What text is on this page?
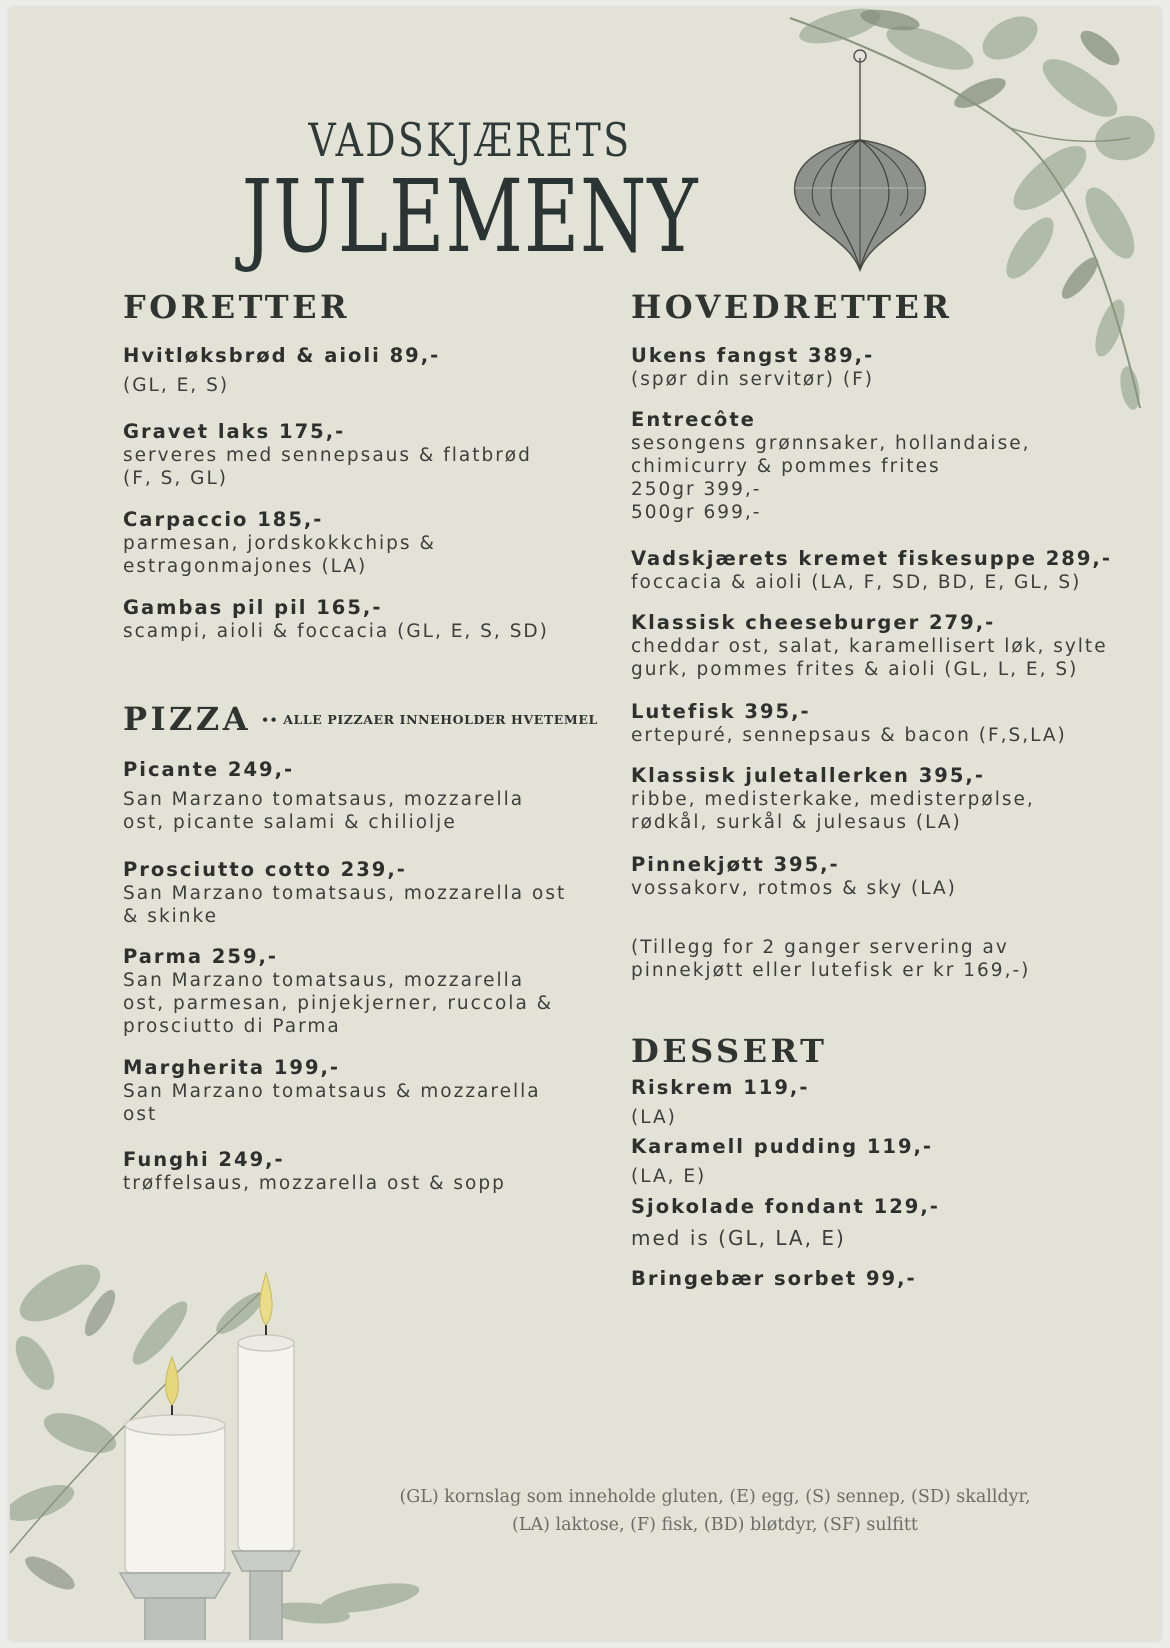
VADSKJÆRETS
JULEMENY
FORETTER
Hvitløksbrød & aioli 89,-
(GL, E, S)
Gravet laks 175,-
serveres med sennepsaus & flatbrød
(F, S, GL)
Carpaccio 185,-
parmesan, jordskokkchips &
estragonmajones (LA)
Gambas pil pil 165,-
scampi, aioli & foccacia (GL, E, S, SD)
PIZZA •• ALLE PIZZAER INNEHOLDER HVETEMEL
Picante 249,-
San Marzano tomatsaus, mozzarella
ost, picante salami & chiliolje
Prosciutto cotto 239,-
San Marzano tomatsaus, mozzarella ost
& skinke
Parma 259,-
San Marzano tomatsaus, mozzarella
ost, parmesan, pinjekjerner, ruccola &
prosciutto di Parma
Margherita 199,-
San Marzano tomatsaus & mozzarella
ost
Funghi 249,-
trøffelsaus, mozzarella ost & sopp
HOVEDRETTER
Ukens fangst 389,-
(spør din servitør) (F)
Entrecôte
sesongens grønnsaker, hollandaise,
chimicurry & pommes frites
250gr 399,-
500gr 699,-
Vadskjærets kremet fiskesuppe 289,-
foccacia & aioli (LA, F, SD, BD, E, GL, S)
Klassisk cheeseburger 279,-
cheddar ost, salat, karamellisert løk, sylte
gurk, pommes frites & aioli (GL, L, E, S)
Lutefisk 395,-
ertepuré, sennepsaus & bacon (F,S,LA)
Klassisk juletallerken 395,-
ribbe, medisterkake, medisterpølse,
rødkål, surkål & julesaus (LA)
Pinnekjøtt 395,-
vossakorv, rotmos & sky (LA)
(Tillegg for 2 ganger servering av
pinnekjøtt eller lutefisk er kr 169,-)
DESSERT
Riskrem 119,-
(LA)
Karamell pudding 119,-
(LA, E)
Sjokolade fondant 129,-
med is (GL, LA, E)
Bringebær sorbet 99,-
(GL) kornslag som inneholde gluten, (E) egg, (S) sennep, (SD) skalldyr,
(LA) laktose, (F) fisk, (BD) bløtdyr, (SF) sulfitt
